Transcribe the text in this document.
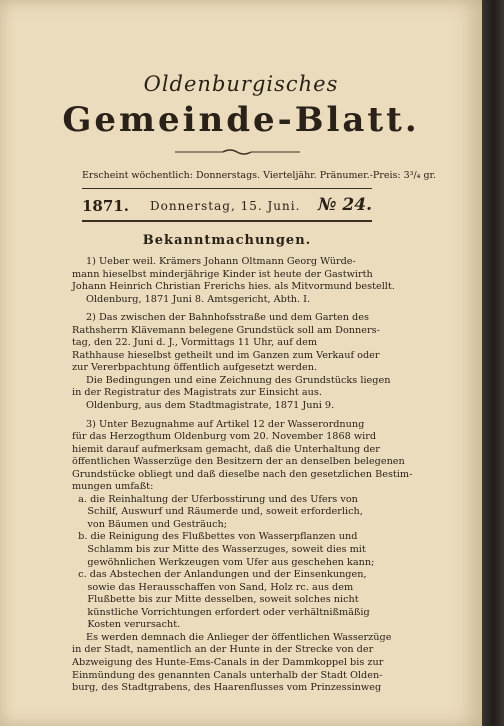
Oldenburgisches
Gemeinde-Blatt.
Erscheint wöchentlich: Donnerstags. Vierteljähr. Pränumer.-Preis: 3³/₄ gr.
1871. Donnerstag, 15. Juni. № 24.
Bekanntmachungen.
1) Ueber weil. Krämers Johann Oltmann Georg Würde-
mann hieselbst minderjährige Kinder ist heute der Gastwirth
Johann Heinrich Christian Frerichs hies. als Mitvormund bestellt.
Oldenburg, 1871 Juni 8. Amtsgericht, Abth. I.
2) Das zwischen der Bahnhofsstraße und dem Garten des
Rathsherrn Klävemann belegene Grundstück soll am Donners-
tag, den 22. Juni d. J., Vormittags 11 Uhr, auf dem
Rathhause hieselbst getheilt und im Ganzen zum Verkauf oder
zur Vererbpachtung öffentlich aufgesetzt werden.
Die Bedingungen und eine Zeichnung des Grundstücks liegen
in der Registratur des Magistrats zur Einsicht aus.
Oldenburg, aus dem Stadtmagistrate, 1871 Juni 9.
3) Unter Bezugnahme auf Artikel 12 der Wasserordnung
für das Herzogthum Oldenburg vom 20. November 1868 wird
hiemit darauf aufmerksam gemacht, daß die Unterhaltung der
öffentlichen Wasserzüge den Besitzern der an denselben belegenen
Grundstücke obliegt und daß dieselbe nach den gesetzlichen Bestim-
mungen umfaßt:
a. die Reinhaltung der Uferbosstirung und des Ufers von
Schilf, Auswurf und Räumerde und, soweit erforderlich,
von Bäumen und Gesträuch;
b. die Reinigung des Flußbettes von Wasserpflanzen und
Schlamm bis zur Mitte des Wasserzuges, soweit dies mit
gewöhnlichen Werkzeugen vom Ufer aus geschehen kann;
c. das Abstechen der Anlandungen und der Einsenkungen,
sowie das Herausschaffen von Sand, Holz rc. aus dem
Flußbette bis zur Mitte desselben, soweit solches nicht
künstliche Vorrichtungen erfordert oder verhältnißmäßig
Kosten verursacht.
Es werden demnach die Anlieger der öffentlichen Wasserzüge
in der Stadt, namentlich an der Hunte in der Strecke von der
Abzweigung des Hunte-Ems-Canals in der Dammkoppel bis zur
Einmündung des genannten Canals unterhalb der Stadt Olden-
burg, des Stadtgrabens, des Haarenflusses vom Prinzessinweg
